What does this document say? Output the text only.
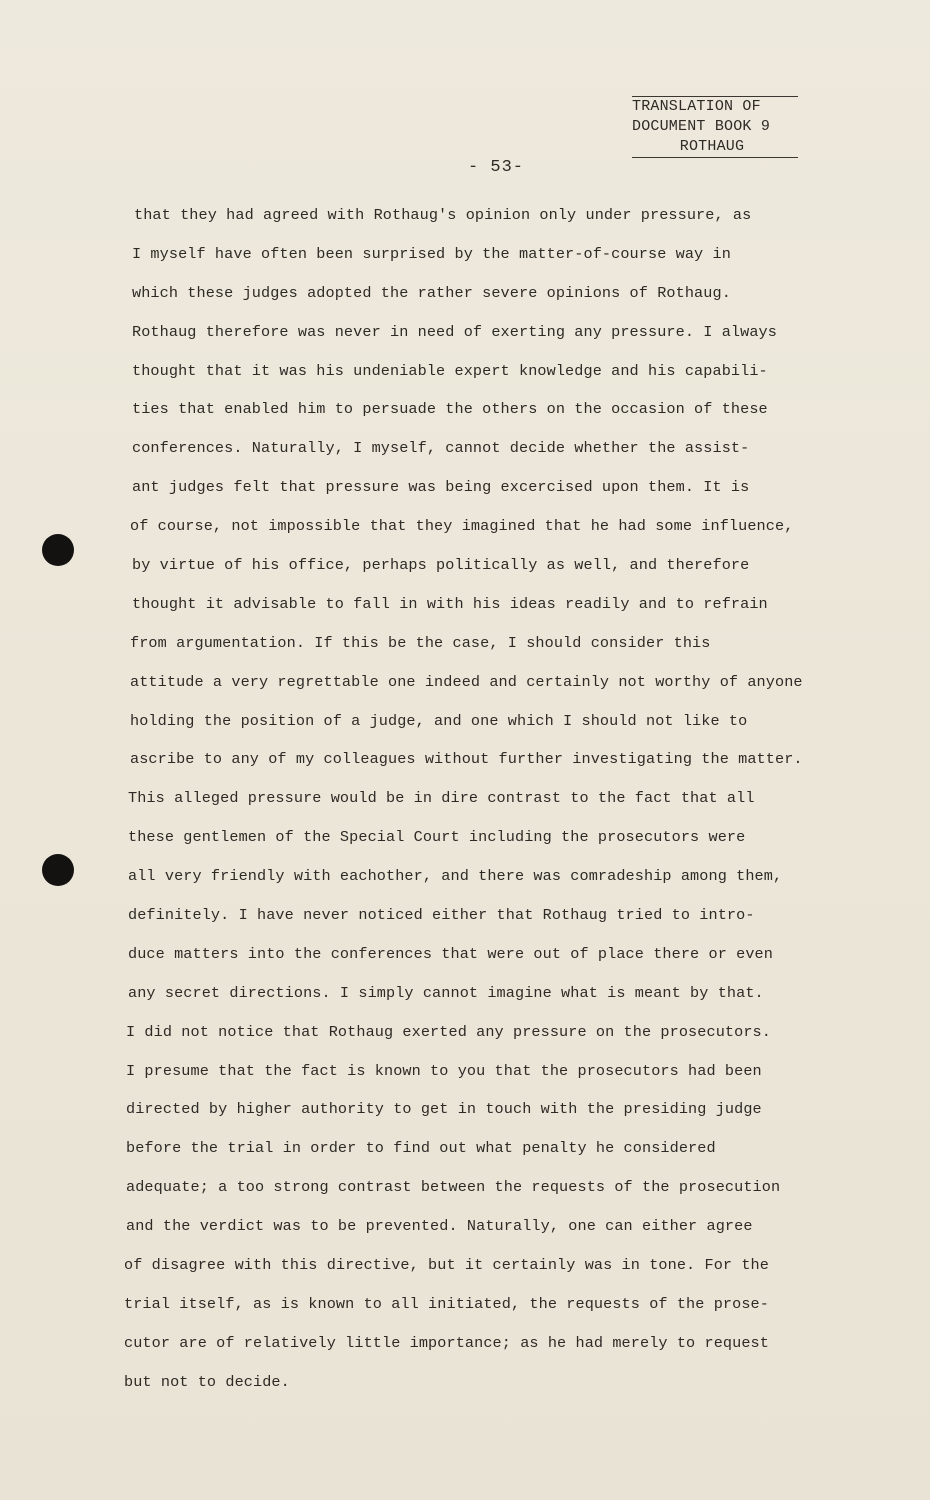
TRANSLATION OF
DOCUMENT BOOK 9
ROTHAUG
- 53-
that they had agreed with Rothaug's opinion only under pressure, as
I myself have often been surprised by the matter-of-course way in
which these judges adopted the rather severe opinions of Rothaug.
Rothaug therefore was never in need of exerting any pressure. I always
thought that it was his undeniable expert knowledge and his capabili-
ties that enabled him to persuade the others on the occasion of these
conferences. Naturally, I myself, cannot decide whether the assist-
ant judges felt that pressure was being excercised upon them. It is
of course, not impossible that they imagined that he had some influence,
by virtue of his office, perhaps politically as well, and therefore
thought it advisable to fall in with his ideas readily and to refrain
from argumentation. If this be the case, I should consider this
attitude a very regrettable one indeed and certainly not worthy of anyone
holding the position of a judge, and one which I should not like to
ascribe to any of my colleagues without further investigating the matter.
This alleged pressure would be in dire contrast to the fact that all
these gentlemen of the Special Court including the prosecutors were
all very friendly with eachother, and there was comradeship among them,
definitely. I have never noticed either that Rothaug tried to intro-
duce matters into the conferences that were out of place there or even
any secret directions. I simply cannot imagine what is meant by that.
I did not notice that Rothaug exerted any pressure on the prosecutors.
I presume that the fact is known to you that the prosecutors had been
directed by higher authority to get in touch with the presiding judge
before the trial in order to find out what penalty he considered
adequate; a too strong contrast between the requests of the prosecution
and the verdict was to be prevented. Naturally, one can either agree
of disagree with this directive, but it certainly was in tone. For the
trial itself, as is known to all initiated, the requests of the prose-
cutor are of relatively little importance; as he had merely to request
but not to decide.
